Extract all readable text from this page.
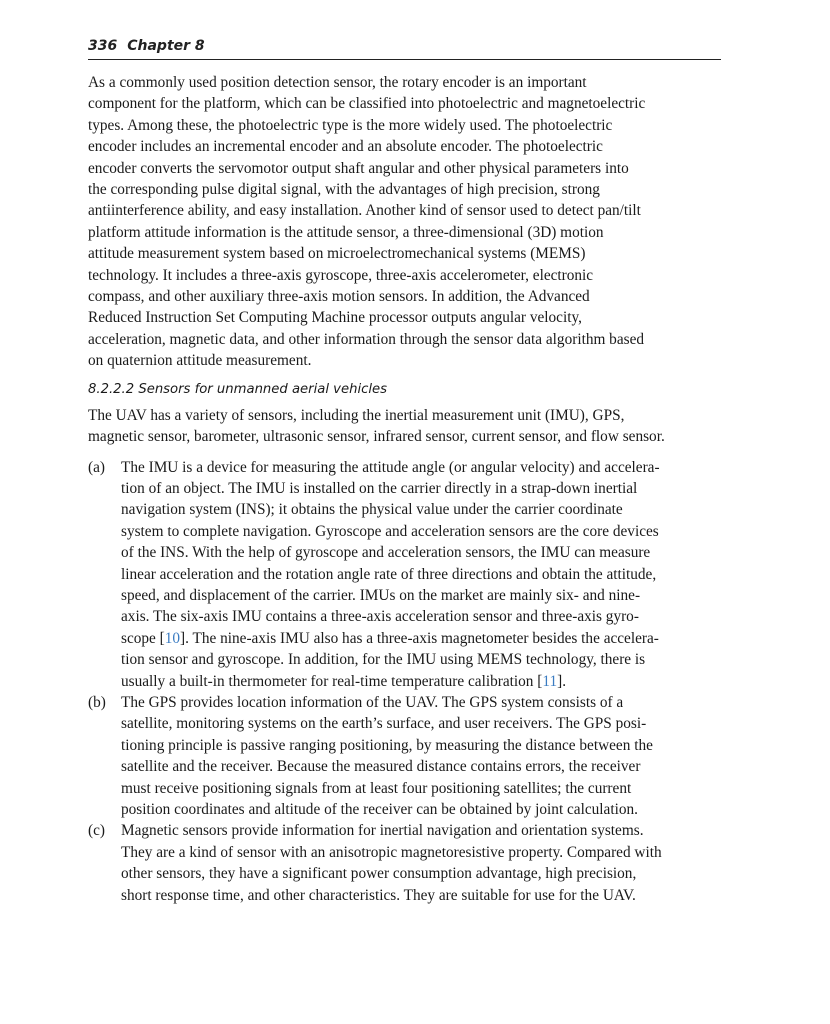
336 Chapter 8

As a commonly used position detection sensor, the rotary encoder is an important
component for the platform, which can be classified into photoelectric and magnetoelectric
types. Among these, the photoelectric type is the more widely used. The photoelectric
encoder includes an incremental encoder and an absolute encoder. The photoelectric
encoder converts the servomotor output shaft angular and other physical parameters into
the corresponding pulse digital signal, with the advantages of high precision, strong
antiinterference ability, and easy installation. Another kind of sensor used to detect pan/tilt
platform attitude information is the attitude sensor, a three-dimensional (3D) motion
attitude measurement system based on microelectromechanical systems (MEMS)
technology. It includes a three-axis gyroscope, three-axis accelerometer, electronic
compass, and other auxiliary three-axis motion sensors. In addition, the Advanced
Reduced Instruction Set Computing Machine processor outputs angular velocity,
acceleration, magnetic data, and other information through the sensor data algorithm based
on quaternion attitude measurement.

8.2.2.2 Sensors for unmanned aerial vehicles

The UAV has a variety of sensors, including the inertial measurement unit (IMU), GPS,
magnetic sensor, barometer, ultrasonic sensor, infrared sensor, current sensor, and flow sensor.

(a)	The IMU is a device for measuring the attitude angle (or angular velocity) and accelera-
tion of an object. The IMU is installed on the carrier directly in a strap-down inertial
navigation system (INS); it obtains the physical value under the carrier coordinate
system to complete navigation. Gyroscope and acceleration sensors are the core devices
of the INS. With the help of gyroscope and acceleration sensors, the IMU can measure
linear acceleration and the rotation angle rate of three directions and obtain the attitude,
speed, and displacement of the carrier. IMUs on the market are mainly six- and nine-
axis. The six-axis IMU contains a three-axis acceleration sensor and three-axis gyro-
scope [10]. The nine-axis IMU also has a three-axis magnetometer besides the accelera-
tion sensor and gyroscope. In addition, for the IMU using MEMS technology, there is
usually a built-in thermometer for real-time temperature calibration [11].
(b) The GPS provides location information of the UAV. The GPS system consists of a
satellite, monitoring systems on the earth’s surface, and user receivers. The GPS posi-
tioning principle is passive ranging positioning, by measuring the distance between the
satellite and the receiver. Because the measured distance contains errors, the receiver
must receive positioning signals from at least four positioning satellites; the current
position coordinates and altitude of the receiver can be obtained by joint calculation.
(c)	Magnetic sensors provide information for inertial navigation and orientation systems.
They are a kind of sensor with an anisotropic magnetoresistive property. Compared with
other sensors, they have a significant power consumption advantage, high precision,
short response time, and other characteristics. They are suitable for use for the UAV.
